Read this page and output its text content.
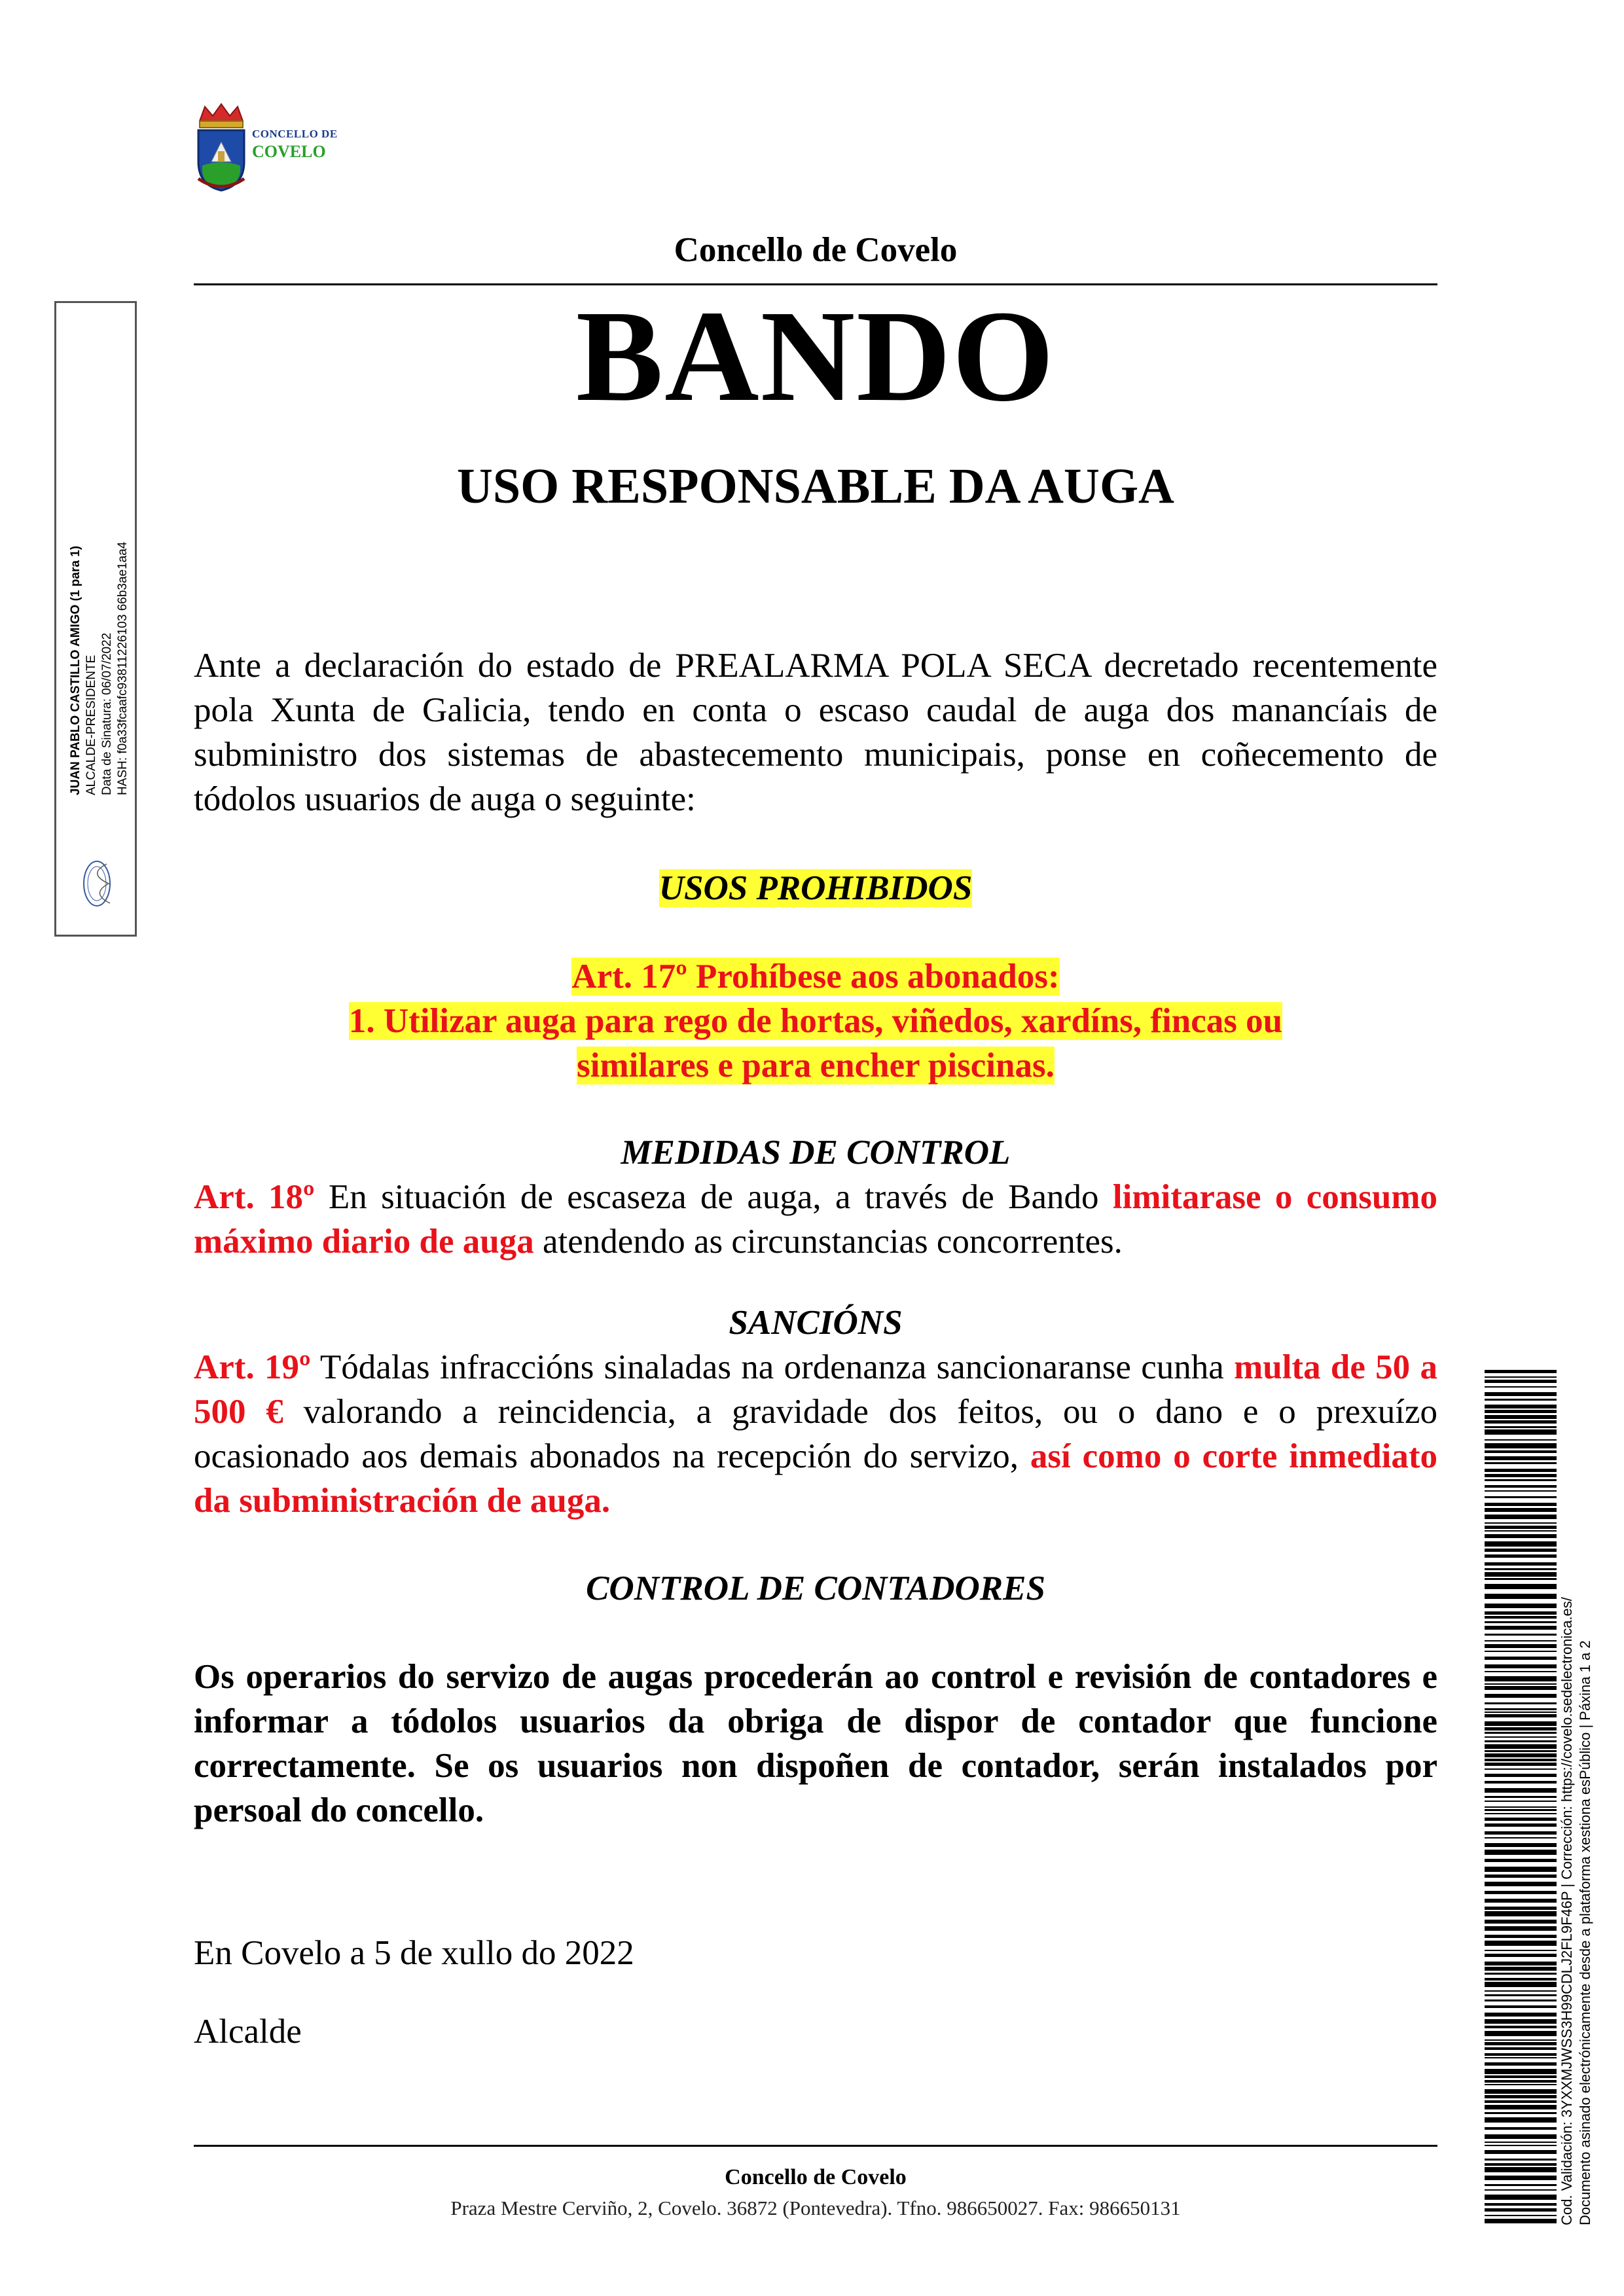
CONCELLO DE
COVELO
Concello de Covelo
BANDO
USO RESPONSABLE DA AUGA
Ante a declaración do estado de PREALARMA POLA SECA decretado recentemente pola Xunta de Galicia, tendo en conta o escaso caudal de auga dos manancíais de subministro dos sistemas de abastecemento municipais, ponse en coñecemento de tódolos usuarios de auga o seguinte:
USOS PROHIBIDOS
Art. 17º Prohíbese aos abonados:
1. Utilizar auga para rego de hortas, viñedos, xardíns, fincas ou
similares e para encher piscinas.
MEDIDAS DE CONTROL
Art. 18º En situación de escaseza de auga, a través de Bando limitarase o consumo máximo diario de auga atendendo as circunstancias concorrentes.
SANCIÓNS
Art. 19º Tódalas infraccións sinaladas na ordenanza sancionaranse cunha multa de 50 a 500 € valorando a reincidencia, a gravidade dos feitos, ou o dano e o prexuízo ocasionado aos demais abonados na recepción do servizo, así como o corte inmediato da subministración de auga.
CONTROL DE CONTADORES
Os operarios do servizo de augas procederán ao control e revisión de contadores e informar a tódolos usuarios da obriga de dispor de contador que funcione correctamente. Se os usuarios non dispoñen de contador, serán instalados por persoal do concello.
En Covelo a 5 de xullo do 2022
Alcalde
Concello de Covelo
Praza Mestre Cerviño, 2, Covelo. 36872 (Pontevedra). Tfno. 986650027. Fax: 986650131
JUAN PABLO CASTILLO AMIGO (1 para 1) ALCALDE-PRESIDENTE Data de Sinatura: 06/07/2022 HASH: f0a33fcaafc93811226103 66b3ae1aa4
Cod. Validación: 3YXXMJWSS3H99CDLJ2FL9F46P | Corrección: https://covelo.sedelectronica.es/ Documento asinado electrónicamente desde a plataforma xestiona esPúblico | Páxina 1 a 2
